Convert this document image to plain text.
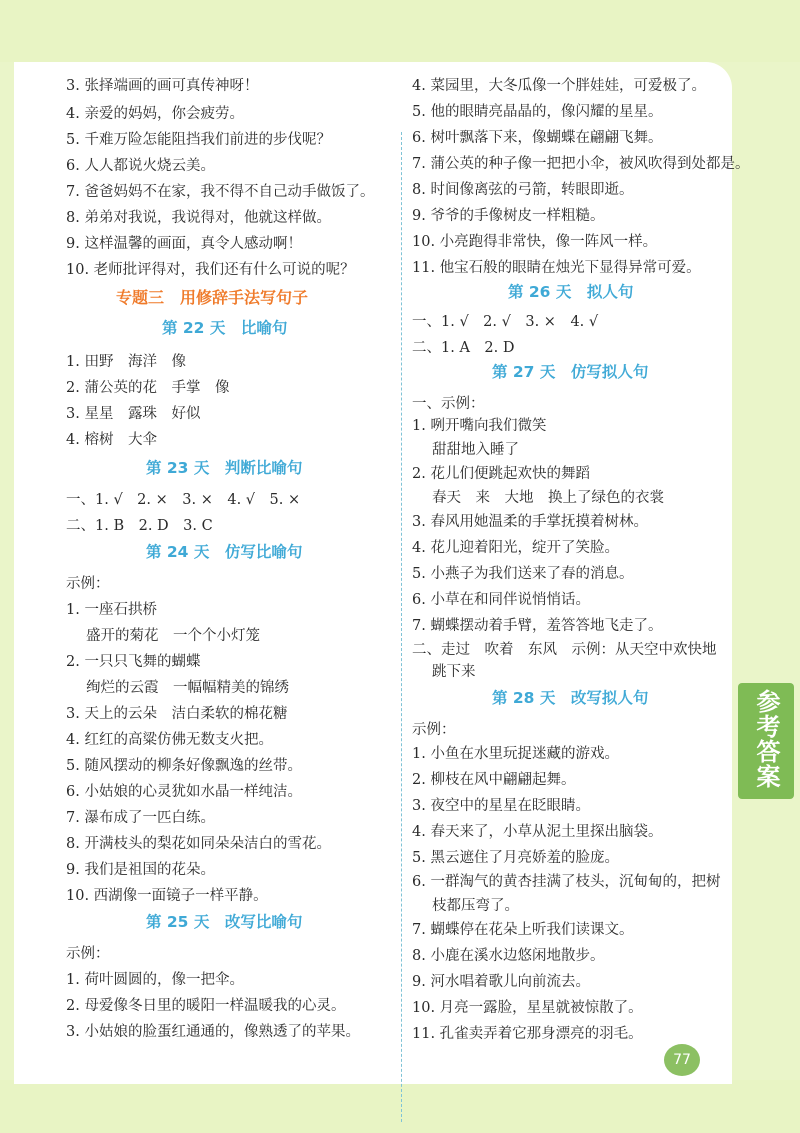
3. 张择端画的画可真传神呀！
4. 亲爱的妈妈，你会疲劳。
5. 千难万险怎能阻挡我们前进的步伐呢？
6. 人人都说火烧云美。
7. 爸爸妈妈不在家，我不得不自己动手做饭了。
8. 弟弟对我说，我说得对，他就这样做。
9. 这样温馨的画面，真令人感动啊！
10. 老师批评得对，我们还有什么可说的呢？
专题三　用修辞手法写句子
第 22 天　比喻句
1. 田野　海洋　像
2. 蒲公英的花　手掌　像
3. 星星　露珠　好似
4. 榕树　大伞
第 23 天　判断比喻句
一、1. √　2. ×　3. ×　4. √　5. ×
二、1. B　2. D　3. C
第 24 天　仿写比喻句
示例：
1. 一座石拱桥
盛开的菊花　一个个小灯笼
2. 一只只飞舞的蝴蝶
绚烂的云霞　一幅幅精美的锦绣
3. 天上的云朵　洁白柔软的棉花糖
4. 红红的高粱仿佛无数支火把。
5. 随风摆动的柳条好像飘逸的丝带。
6. 小姑娘的心灵犹如水晶一样纯洁。
7. 瀑布成了一匹白练。
8. 开满枝头的梨花如同朵朵洁白的雪花。
9. 我们是祖国的花朵。
10. 西湖像一面镜子一样平静。
第 25 天　改写比喻句
示例：
1. 荷叶圆圆的，像一把伞。
2. 母爱像冬日里的暖阳一样温暖我的心灵。
3. 小姑娘的脸蛋红通通的，像熟透了的苹果。
4. 菜园里，大冬瓜像一个胖娃娃，可爱极了。
5. 他的眼睛亮晶晶的，像闪耀的星星。
6. 树叶飘落下来，像蝴蝶在翩翩飞舞。
7. 蒲公英的种子像一把把小伞，被风吹得到处都是。
8. 时间像离弦的弓箭，转眼即逝。
9. 爷爷的手像树皮一样粗糙。
10. 小亮跑得非常快，像一阵风一样。
11. 他宝石般的眼睛在烛光下显得异常可爱。
第 26 天　拟人句
一、1. √　2. √　3. ×　4. √
二、1. A　2. D
第 27 天　仿写拟人句
一、示例：
1. 咧开嘴向我们微笑
甜甜地入睡了
2. 花儿们便跳起欢快的舞蹈
春天　来　大地　换上了绿色的衣裳
3. 春风用她温柔的手掌抚摸着树林。
4. 花儿迎着阳光，绽开了笑脸。
5. 小燕子为我们送来了春的消息。
6. 小草在和同伴说悄悄话。
7. 蝴蝶摆动着手臂，羞答答地飞走了。
二、走过　吹着　东风　示例：从天空中欢快地
跳下来
第 28 天　改写拟人句
示例：
1. 小鱼在水里玩捉迷藏的游戏。
2. 柳枝在风中翩翩起舞。
3. 夜空中的星星在眨眼睛。
4. 春天来了，小草从泥土里探出脑袋。
5. 黑云遮住了月亮娇羞的脸庞。
6. 一群淘气的黄杏挂满了枝头，沉甸甸的，把树
枝都压弯了。
7. 蝴蝶停在花朵上听我们读课文。
8. 小鹿在溪水边悠闲地散步。
9. 河水唱着歌儿向前流去。
10. 月亮一露脸，星星就被惊散了。
11. 孔雀卖弄着它那身漂亮的羽毛。
参考答案
77
